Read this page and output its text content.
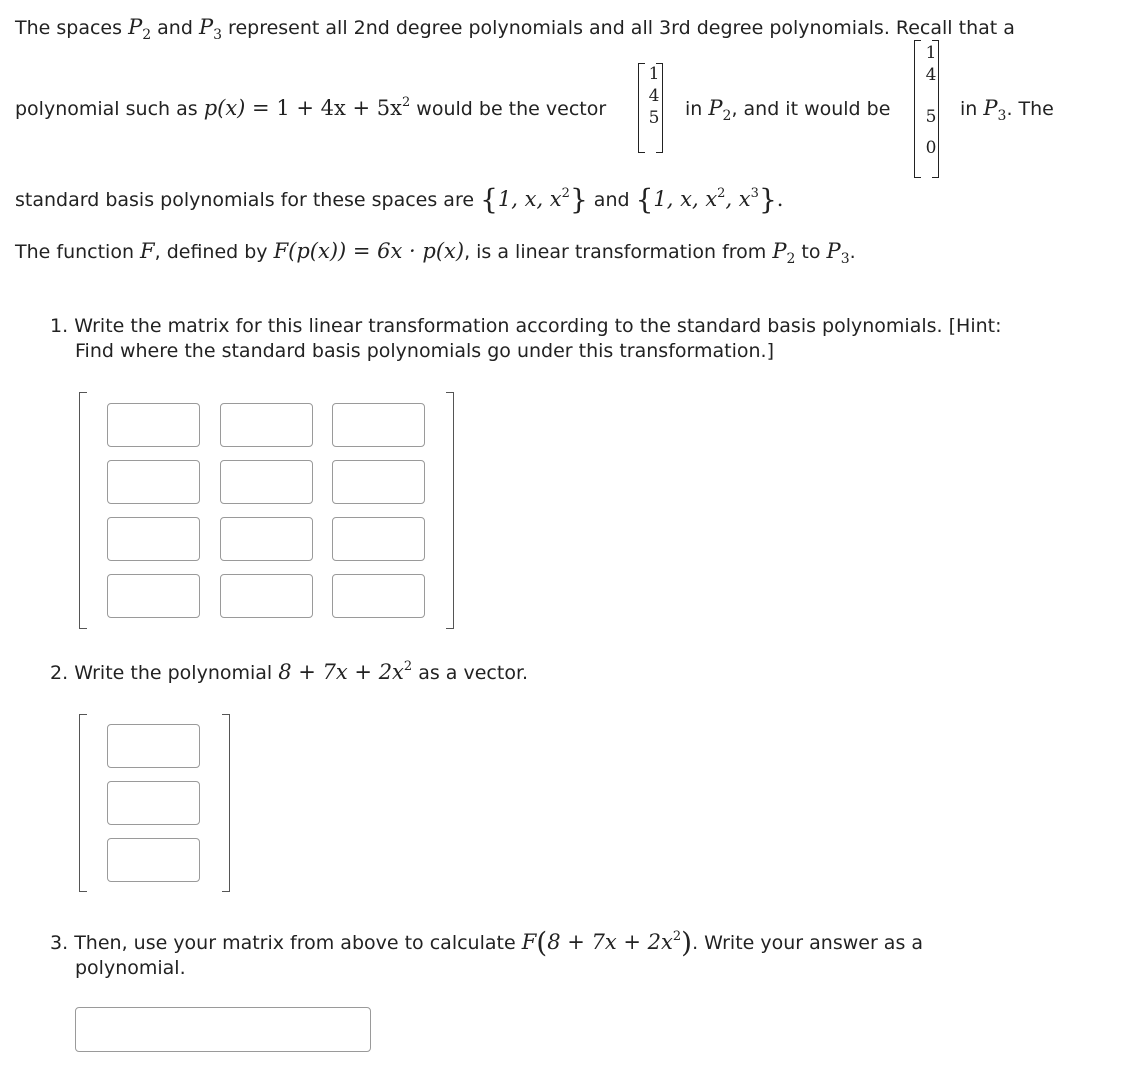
The spaces $P_2$ and $P_3$ represent all 2nd degree polynomials and all 3rd degree polynomials. Recall that a
polynomial such as $p(x) = 1 + 4x + 5x^2$ would be the vector
1
4
5 in $P_2$, and it would be
1
4
5
0
in $P_3$. The
standard basis polynomials for these spaces are {1, x, $x^2$} and {1, x, $x^2$, $x^3$}.
The function F, defined by F(p(x)) = 6x · p(x), is a linear transformation from $P_2$ to $P_3$.
1. Write the matrix for this linear transformation according to the standard basis polynomials. [Hint:
Find where the standard basis polynomials go under this transformation.]
2. Write the polynomial $8 + 7x + 2x^2$ as a vector.
3. Then, use your matrix from above to calculate $F(8 + 7x + 2x^2)$. Write your answer as a
polynomial.
